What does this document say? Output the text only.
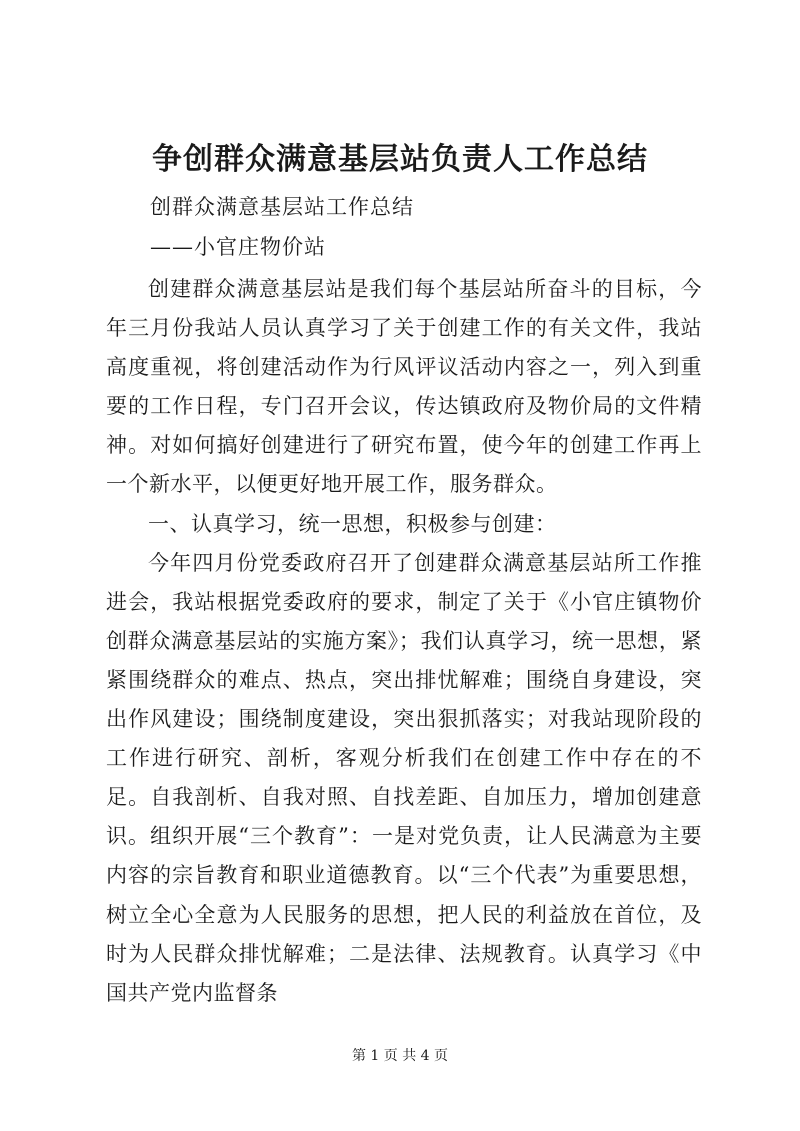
争创群众满意基层站负责人工作总结
创群众满意基层站工作总结
——小官庄物价站

创建群众满意基层站是我们每个基层站所奋斗的目标，今年三月份我站人员认真学习了关于创建工作的有关文件，我站高度重视，将创建活动作为行风评议活动内容之一，列入到重要的工作日程，专门召开会议，传达镇政府及物价局的文件精神。对如何搞好创建进行了研究布置，使今年的创建工作再上一个新水平，以便更好地开展工作，服务群众。

一、认真学习，统一思想，积极参与创建：

今年四月份党委政府召开了创建群众满意基层站所工作推进会，我站根据党委政府的要求，制定了关于《小官庄镇物价创群众满意基层站的实施方案》；我们认真学习，统一思想，紧紧围绕群众的难点、热点，突出排忧解难；围绕自身建设，突出作风建设；围绕制度建设，突出狠抓落实；对我站现阶段的工作进行研究、剖析，客观分析我们在创建工作中存在的不足。自我剖析、自我对照、自找差距、自加压力，增加创建意识。组织开展“三个教育”：一是对党负责，让人民满意为主要内容的宗旨教育和职业道德教育。以“三个代表”为重要思想，树立全心全意为人民服务的思想，把人民的利益放在首位，及时为人民群众排忧解难；二是法律、法规教育。认真学习《中国共产党内监督条

第 1 页 共 4 页
